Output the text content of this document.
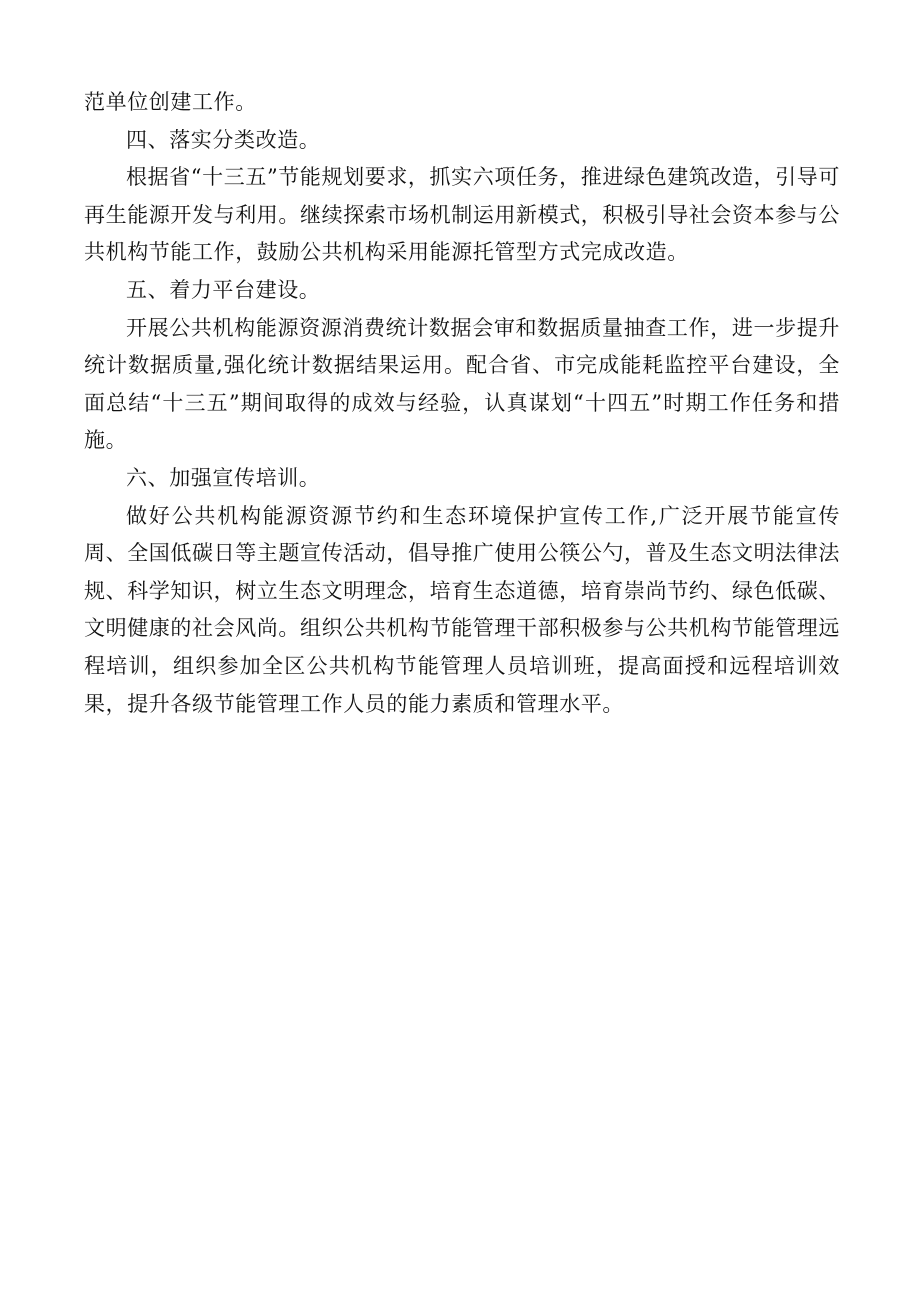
范单位创建工作。

四、落实分类改造。

根据省“十三五”节能规划要求，抓实六项任务，推进绿色建筑改造，引导可再生能源开发与利用。继续探索市场机制运用新模式，积极引导社会资本参与公共机构节能工作，鼓励公共机构采用能源托管型方式完成改造。

五、着力平台建设。

开展公共机构能源资源消费统计数据会审和数据质量抽查工作，进一步提升统计数据质量,强化统计数据结果运用。配合省、市完成能耗监控平台建设，全面总结“十三五”期间取得的成效与经验，认真谋划“十四五”时期工作任务和措施。

六、加强宣传培训。

做好公共机构能源资源节约和生态环境保护宣传工作,广泛开展节能宣传周、全国低碳日等主题宣传活动，倡导推广使用公筷公勺，普及生态文明法律法规、科学知识，树立生态文明理念，培育生态道德，培育崇尚节约、绿色低碳、文明健康的社会风尚。组织公共机构节能管理干部积极参与公共机构节能管理远程培训，组织参加全区公共机构节能管理人员培训班，提高面授和远程培训效果，提升各级节能管理工作人员的能力素质和管理水平。
